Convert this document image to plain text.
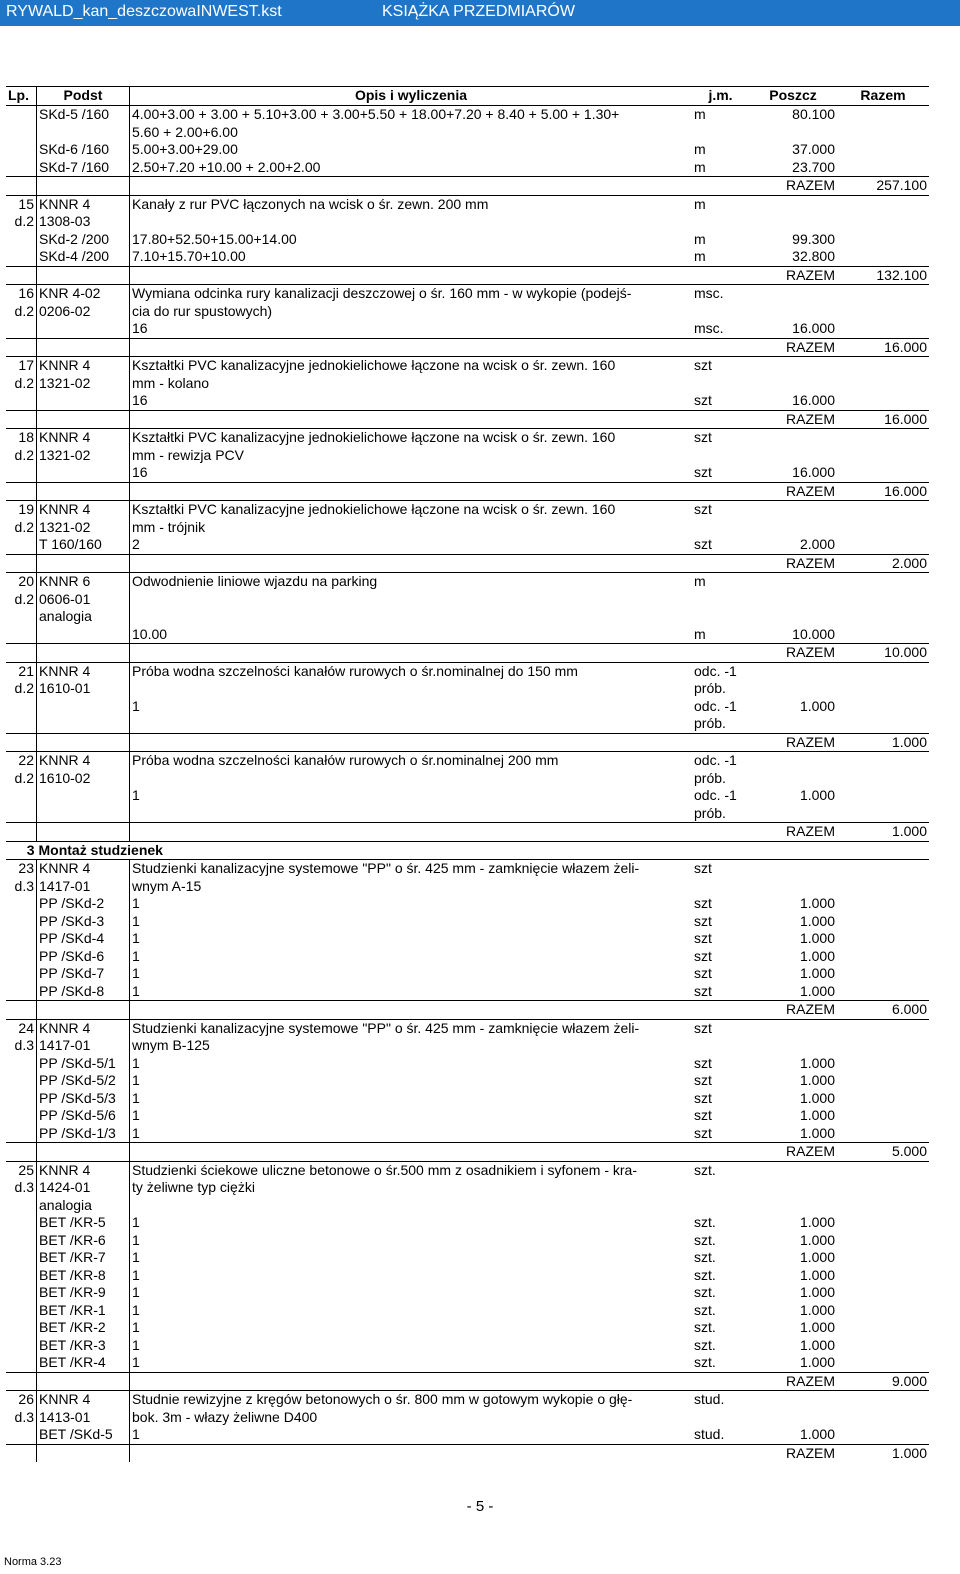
RYWALD_kan_deszczowaINWEST.kst	KSIĄŻKA PRZEDMIARÓW
Lp.	Podst	Opis i wyliczenia	j.m.	Poszcz	Razem
	SKd-5 /160	4.00+3.00 + 3.00 + 5.10+3.00 + 3.00+5.50 + 18.00+7.20 + 8.40 + 5.00 + 1.30+	m	80.100	
		5.60 + 2.00+6.00			
	SKd-6 /160	5.00+3.00+29.00	m	37.000	
	SKd-7 /160	2.50+7.20 +10.00 + 2.00+2.00	m	23.700	
				RAZEM	257.100
15	KNNR 4	Kanały z rur PVC łączonych na wcisk o śr. zewn. 200 mm	m		
d.2	1308-03				
	SKd-2 /200	17.80+52.50+15.00+14.00	m	99.300	
	SKd-4 /200	7.10+15.70+10.00	m	32.800	
				RAZEM	132.100
16	KNR 4-02	Wymiana odcinka rury kanalizacji deszczowej o śr. 160 mm - w wykopie (podejś-	msc.		
d.2	0206-02	cia do rur spustowych)			
		16	msc.	16.000	
				RAZEM	16.000
17	KNNR 4	Kształtki PVC kanalizacyjne jednokielichowe łączone na wcisk o śr. zewn. 160	szt		
d.2	1321-02	mm - kolano			
		16	szt	16.000	
				RAZEM	16.000
18	KNNR 4	Kształtki PVC kanalizacyjne jednokielichowe łączone na wcisk o śr. zewn. 160	szt		
d.2	1321-02	mm - rewizja PCV			
		16	szt	16.000	
				RAZEM	16.000
19	KNNR 4	Kształtki PVC kanalizacyjne jednokielichowe łączone na wcisk o śr. zewn. 160	szt		
d.2	1321-02	mm - trójnik			
	T 160/160	2	szt	2.000	
				RAZEM	2.000
20	KNNR 6	Odwodnienie liniowe wjazdu na parking	m		
d.2	0606-01				
	analogia				
		10.00	m	10.000	
				RAZEM	10.000
21	KNNR 4	Próba wodna szczelności kanałów rurowych o śr.nominalnej do 150 mm	odc. -1		
d.2	1610-01		prób.		
		1	odc. -1	1.000	
			prób.		
				RAZEM	1.000
22	KNNR 4	Próba wodna szczelności kanałów rurowych o śr.nominalnej 200 mm	odc. -1		
d.2	1610-02		prób.		
		1	odc. -1	1.000	
			prób.		
				RAZEM	1.000
3	Montaż studzienek				
23	KNNR 4	Studzienki kanalizacyjne systemowe "PP" o śr. 425 mm - zamknięcie włazem żeli-	szt		
d.3	1417-01	wnym A-15			
	PP /SKd-2	1	szt	1.000	
	PP /SKd-3	1	szt	1.000	
	PP /SKd-4	1	szt	1.000	
	PP /SKd-6	1	szt	1.000	
	PP /SKd-7	1	szt	1.000	
	PP /SKd-8	1	szt	1.000	
				RAZEM	6.000
24	KNNR 4	Studzienki kanalizacyjne systemowe "PP" o śr. 425 mm - zamknięcie włazem żeli-	szt		
d.3	1417-01	wnym B-125			
	PP /SKd-5/1	1	szt	1.000	
	PP /SKd-5/2	1	szt	1.000	
	PP /SKd-5/3	1	szt	1.000	
	PP /SKd-5/6	1	szt	1.000	
	PP /SKd-1/3	1	szt	1.000	
				RAZEM	5.000
25	KNNR 4	Studzienki ściekowe uliczne betonowe o śr.500 mm z osadnikiem i syfonem - kra-	szt.		
d.3	1424-01	ty żeliwne typ ciężki			
	analogia				
	BET /KR-5	1	szt.	1.000	
	BET /KR-6	1	szt.	1.000	
	BET /KR-7	1	szt.	1.000	
	BET /KR-8	1	szt.	1.000	
	BET /KR-9	1	szt.	1.000	
	BET /KR-1	1	szt.	1.000	
	BET /KR-2	1	szt.	1.000	
	BET /KR-3	1	szt.	1.000	
	BET /KR-4	1	szt.	1.000	
				RAZEM	9.000
26	KNNR 4	Studnie rewizyjne z kręgów betonowych o śr. 800 mm w gotowym wykopie o głę-	stud.		
d.3	1413-01	bok. 3m - włazy żeliwne D400			
	BET /SKd-5	1	stud.	1.000	
				RAZEM	1.000
- 5 -
Norma 3.23
